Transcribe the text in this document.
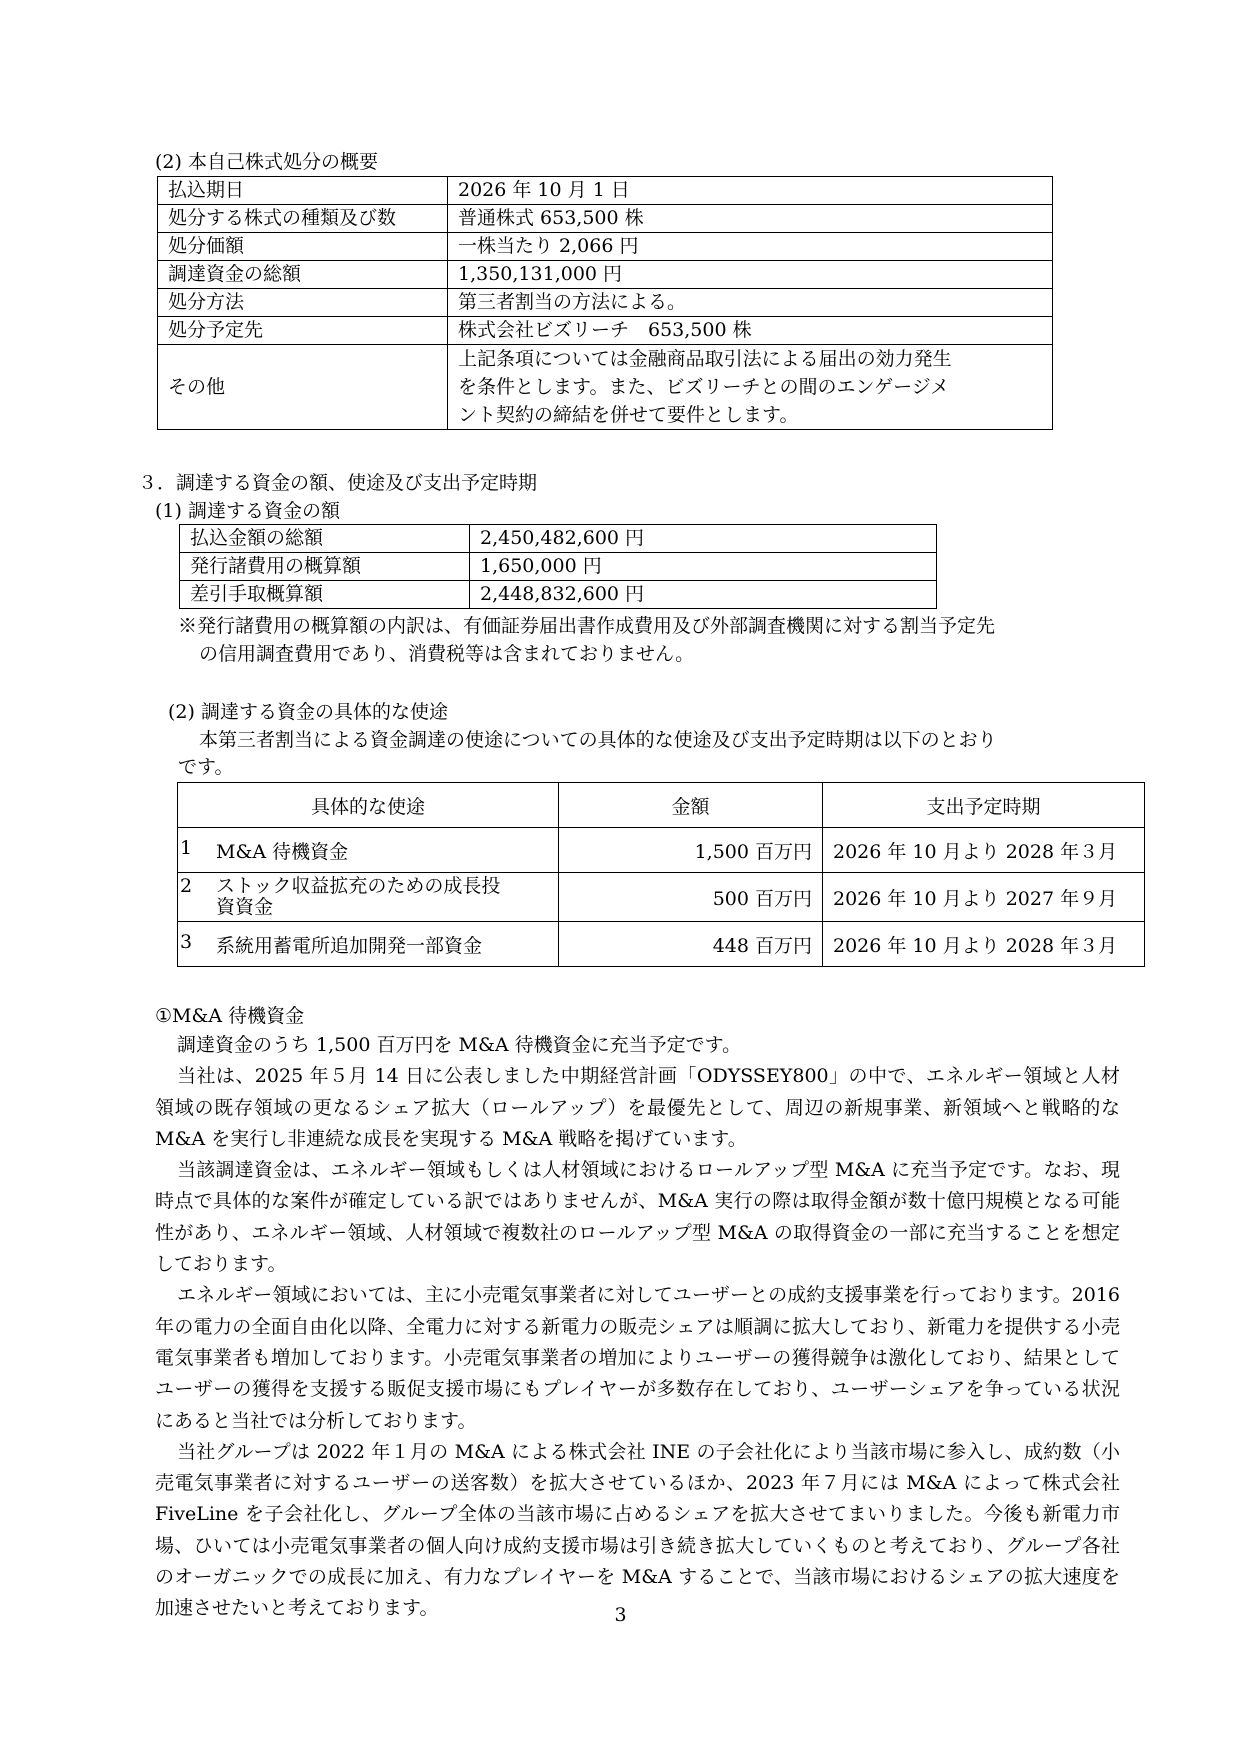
(2) 本自己株式処分の概要
払込期日	2026 年 10 月 1 日
処分する株式の種類及び数	普通株式 653,500 株
処分価額	一株当たり 2,066 円
調達資金の総額	1,350,131,000 円
処分方法	第三者割当の方法による。
処分予定先	株式会社ビズリーチ　653,500 株
その他	上記条項については金融商品取引法による届出の効力発生
を条件とします。また、ビズリーチとの間のエンゲージメ
ント契約の締結を併せて要件とします。
３．調達する資金の額、使途及び支出予定時期
(1) 調達する資金の額
払込金額の総額	2,450,482,600 円
発行諸費用の概算額	1,650,000 円
差引手取概算額	2,448,832,600 円
※発行諸費用の概算額の内訳は、有価証券届出書作成費用及び外部調査機関に対する割当予定先
の信用調査費用であり、消費税等は含まれておりません。
(2) 調達する資金の具体的な使途
本第三者割当による資金調達の使途についての具体的な使途及び支出予定時期は以下のとおり
です。
具体的な使途	金額	支出予定時期

1 M&A 待機資金	1,500 百万円	2026 年 10 月より 2028 年３月

2 ストック収益拡充のための成長投
資資金	500 百万円	2026 年 10 月より 2027 年９月

3 系統用蓄電所追加開発一部資金	448 百万円	2026 年 10 月より 2028 年３月
①M&A 待機資金

調達資金のうち 1,500 百万円を M&A 待機資金に充当予定です。

当社は、2025 年５月 14 日に公表しました中期経営計画「ODYSSEY800」の中で、エネルギー領域と人材領域の既存領域の更なるシェア拡大（ロールアップ）を最優先として、周辺の新規事業、新領域へと戦略的な M&A を実行し非連続な成長を実現する M&A 戦略を掲げています。

当該調達資金は、エネルギー領域もしくは人材領域におけるロールアップ型 M&A に充当予定です。なお、現時点で具体的な案件が確定している訳ではありませんが、M&A 実行の際は取得金額が数十億円規模となる可能性があり、エネルギー領域、人材領域で複数社のロールアップ型 M&A の取得資金の一部に充当することを想定しております。

エネルギー領域においては、主に小売電気事業者に対してユーザーとの成約支援事業を行っております。2016 年の電力の全面自由化以降、全電力に対する新電力の販売シェアは順調に拡大しており、新電力を提供する小売電気事業者も増加しております。小売電気事業者の増加によりユーザーの獲得競争は激化しており、結果としてユーザーの獲得を支援する販促支援市場にもプレイヤーが多数存在しており、ユーザーシェアを争っている状況にあると当社では分析しております。

当社グループは 2022 年１月の M&A による株式会社 INE の子会社化により当該市場に参入し、成約数（小売電気事業者に対するユーザーの送客数）を拡大させているほか、2023 年７月には M&A によって株式会社 FiveLine を子会社化し、グループ全体の当該市場に占めるシェアを拡大させてまいりました。今後も新電力市場、ひいては小売電気事業者の個人向け成約支援市場は引き続き拡大していくものと考えており、グループ各社のオーガニックでの成長に加え、有力なプレイヤーを M&A することで、当該市場におけるシェアの拡大速度を加速させたいと考えております。	3
